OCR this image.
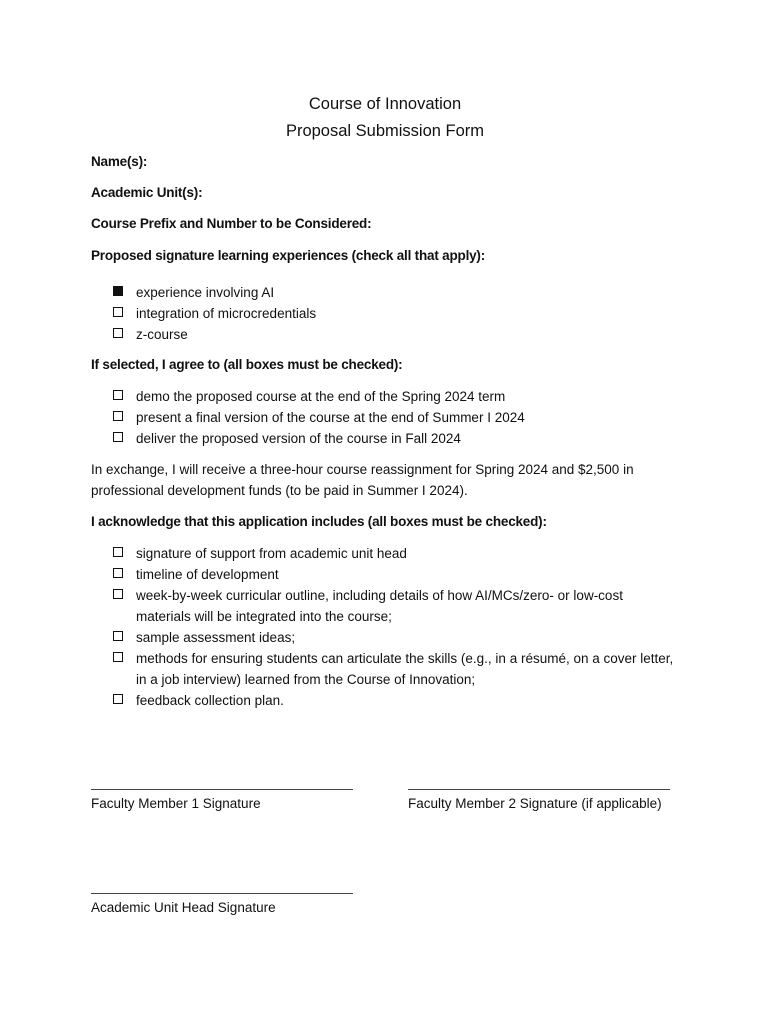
Course of Innovation
Proposal Submission Form
Name(s):
Academic Unit(s):
Course Prefix and Number to be Considered:
Proposed signature learning experiences (check all that apply):
experience involving AI
integration of microcredentials
z-course
If selected, I agree to (all boxes must be checked):
demo the proposed course at the end of the Spring 2024 term
present a final version of the course at the end of Summer I 2024
deliver the proposed version of the course in Fall 2024
In exchange, I will receive a three-hour course reassignment for Spring 2024 and $2,500 in professional development funds (to be paid in Summer I 2024).
I acknowledge that this application includes (all boxes must be checked):
signature of support from academic unit head
timeline of development
week-by-week curricular outline, including details of how AI/MCs/zero- or low-cost materials will be integrated into the course;
sample assessment ideas;
methods for ensuring students can articulate the skills (e.g., in a résumé, on a cover letter, in a job interview) learned from the Course of Innovation;
feedback collection plan.
Faculty Member 1 Signature	Faculty Member 2 Signature (if applicable)
Academic Unit Head Signature
